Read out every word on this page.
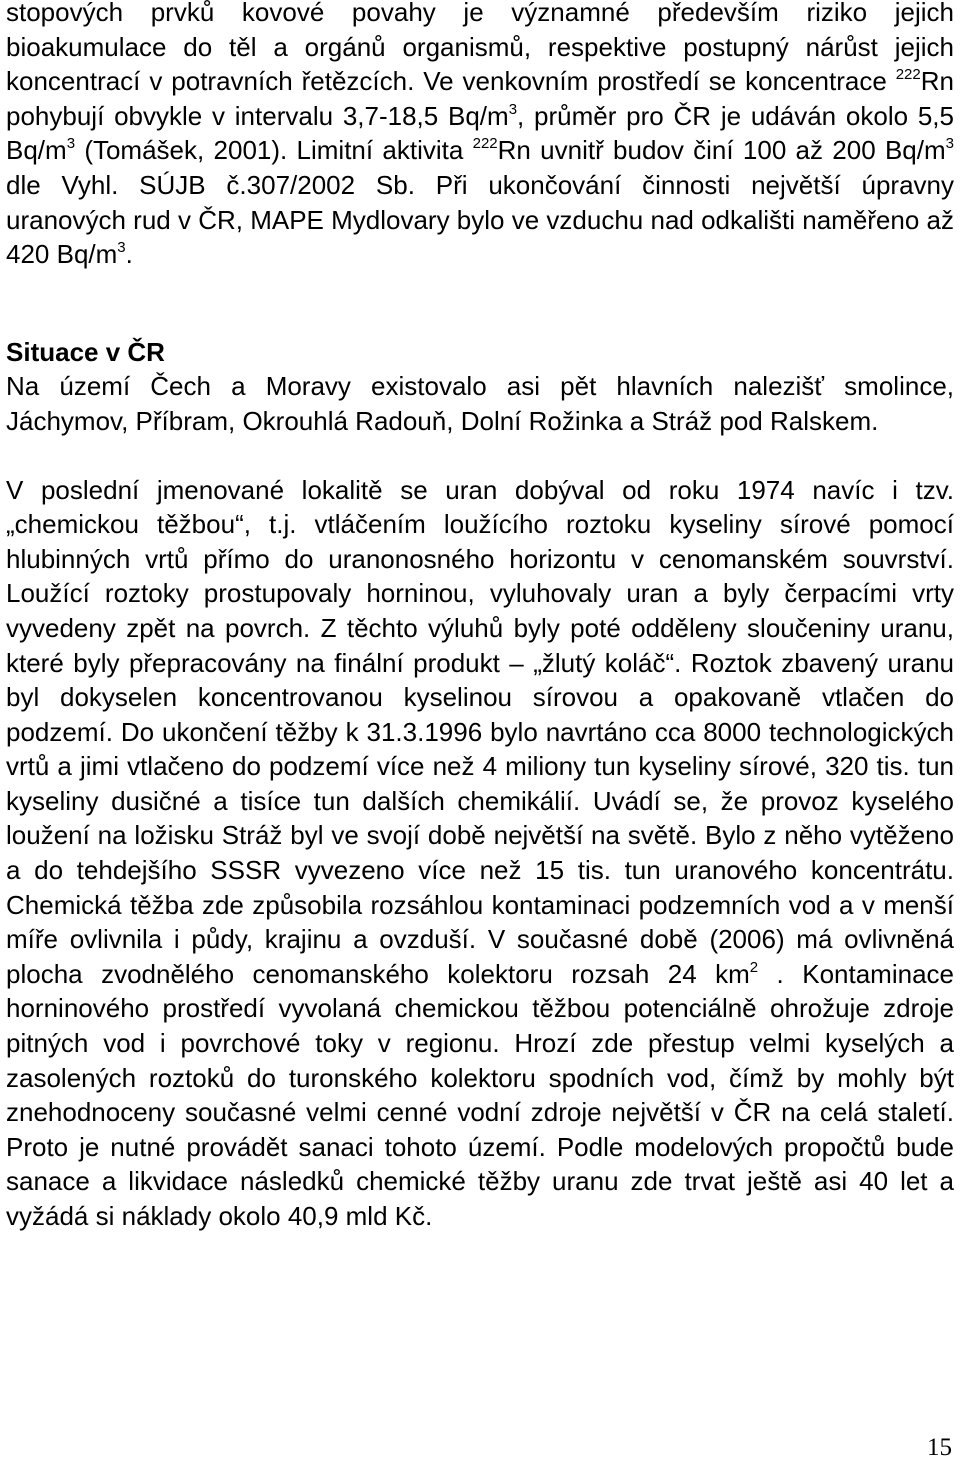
stopových prvků kovové povahy je významné především riziko jejich bioakumulace do těl a orgánů organismů, respektive postupný nárůst jejich koncentrací v potravních řetězcích. Ve venkovním prostředí se koncentrace $^{222}$Rn pohybují obvykle v intervalu 3,7-18,5 $Bq/m^3$, průměr pro ČR je udáván okolo 5,5 $Bq/m^3$ (Tomášek, 2001). Limitní aktivita $^{222}$Rn uvnitř budov činí 100 až 200 $Bq/m^3$ dle Vyhl. SÚJB č.307/2002 Sb. Při ukončování činnosti největší úpravny uranových rud v ČR, MAPE Mydlovary bylo ve vzduchu nad odkališti naměřeno až 420 $Bq/m^3$.

Situace v ČR

Na území Čech a Moravy existovalo asi pět hlavních nalezišť smolince, Jáchymov, Příbram, Okrouhlá Radouň, Dolní Rožinka a Stráž pod Ralskem.

V poslední jmenované lokalitě se uran dobýval od roku 1974 navíc i tzv. „chemickou těžbou“, t.j. vtláčením loužícího roztoku kyseliny sírové pomocí hlubinných vrtů přímo do uranonosného horizontu v cenomanském souvrství. Loužící roztoky prostupovaly horninou, vyluhovaly uran a byly čerpacími vrty vyvedeny zpět na povrch. Z těchto výluhů byly poté odděleny sloučeniny uranu, které byly přepracovány na finální produkt – „žlutý koláč“. Roztok zbavený uranu byl dokyselen koncentrovanou kyselinou sírovou a opakovaně vtlačen do podzemí. Do ukončení těžby k 31.3.1996 bylo navrtáno cca 8000 technologických vrtů a jimi vtlačeno do podzemí více než 4 miliony tun kyseliny sírové, 320 tis. tun kyseliny dusičné a tisíce tun dalších chemikálií. Uvádí se, že provoz kyselého loužení na ložisku Stráž byl ve svojí době největší na světě. Bylo z něho vytěženo a do tehdejšího SSSR vyvezeno více než 15 tis. tun uranového koncentrátu. Chemická těžba zde způsobila rozsáhlou kontaminaci podzemních vod a v menší míře ovlivnila i půdy, krajinu a ovzduší. V současné době (2006) má ovlivněná plocha zvodnělého cenomanského kolektoru rozsah 24 $km^2$ . Kontaminace horninového prostředí vyvolaná chemickou těžbou potenciálně ohrožuje zdroje pitných vod i povrchové toky v regionu. Hrozí zde přestup velmi kyselých a zasolených roztoků do turonského kolektoru spodních vod, čímž by mohly být znehodnoceny současné velmi cenné vodní zdroje největší v ČR na celá staletí. Proto je nutné provádět sanaci tohoto území. Podle modelových propočtů bude sanace a likvidace následků chemické těžby uranu zde trvat ještě asi 40 let a vyžádá si náklady okolo 40,9 mld Kč.

15
